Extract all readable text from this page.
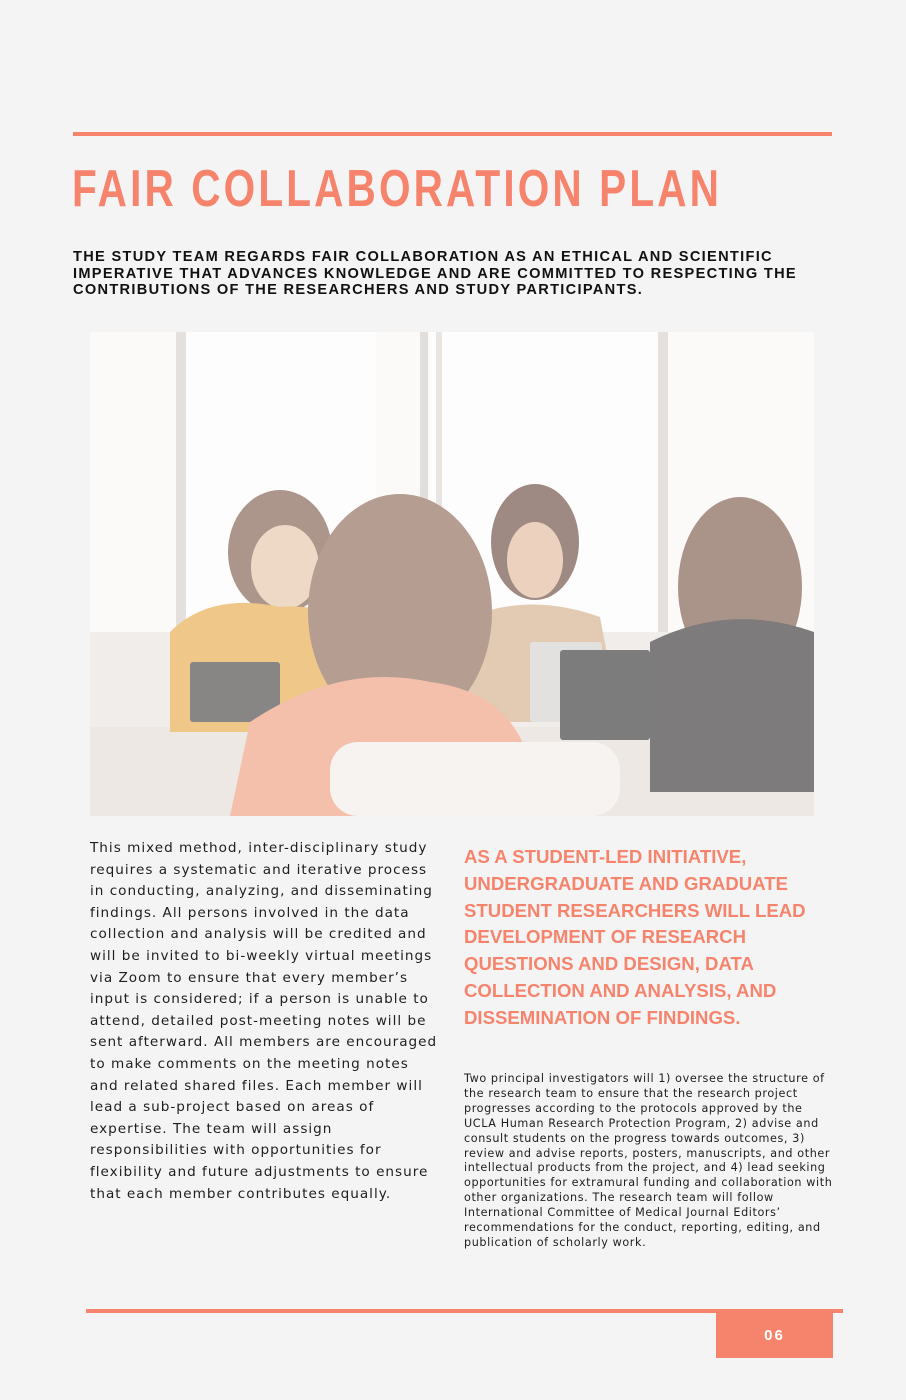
FAIR COLLABORATION PLAN
THE STUDY TEAM REGARDS FAIR COLLABORATION AS AN ETHICAL AND SCIENTIFIC IMPERATIVE THAT ADVANCES KNOWLEDGE AND ARE COMMITTED TO RESPECTING THE CONTRIBUTIONS OF THE RESEARCHERS AND STUDY PARTICIPANTS.
This mixed method, inter-disciplinary study requires a systematic and iterative process in conducting, analyzing, and disseminating findings. All persons involved in the data collection and analysis will be credited and will be invited to bi-weekly virtual meetings via Zoom to ensure that every member’s input is considered; if a person is unable to attend, detailed post-meeting notes will be sent afterward. All members are encouraged to make comments on the meeting notes and related shared files. Each member will lead a sub-project based on areas of expertise. The team will assign responsibilities with opportunities for flexibility and future adjustments to ensure that each member contributes equally.
AS A STUDENT-LED INITIATIVE, UNDERGRADUATE AND GRADUATE STUDENT RESEARCHERS WILL LEAD DEVELOPMENT OF RESEARCH QUESTIONS AND DESIGN, DATA COLLECTION AND ANALYSIS, AND DISSEMINATION OF FINDINGS.
Two principal investigators will 1) oversee the structure of the research team to ensure that the research project progresses according to the protocols approved by the UCLA Human Research Protection Program, 2) advise and consult students on the progress towards outcomes, 3) review and advise reports, posters, manuscripts, and other intellectual products from the project, and 4) lead seeking opportunities for extramural funding and collaboration with other organizations. The research team will follow International Committee of Medical Journal Editors’ recommendations for the conduct, reporting, editing, and publication of scholarly work.
06
